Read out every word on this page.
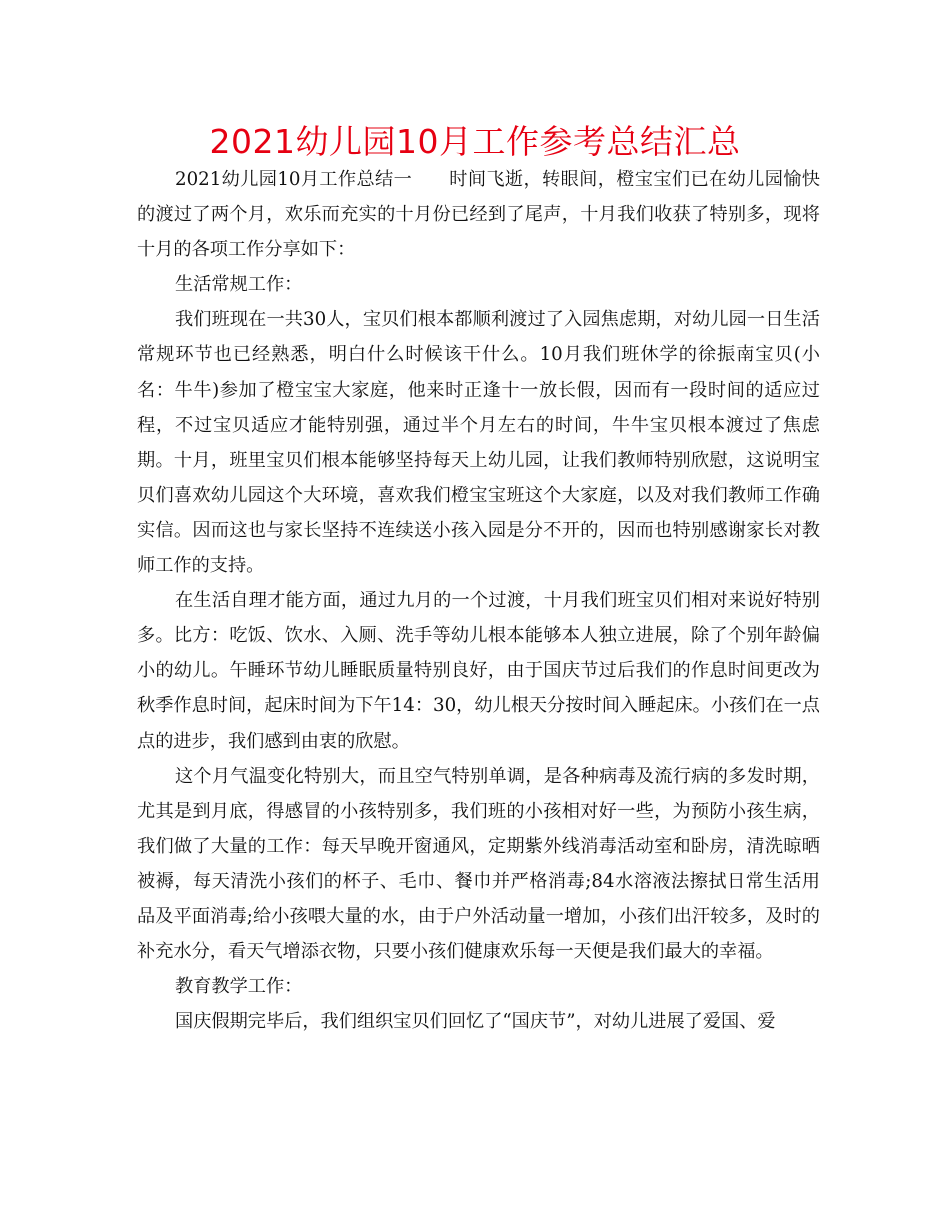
2021幼儿园10月工作参考总结汇总

2021幼儿园10月工作总结一　　时间飞逝，转眼间，橙宝宝们已在幼儿园愉快的渡过了两个月，欢乐而充实的十月份已经到了尾声，十月我们收获了特别多，现将十月的各项工作分享如下：

生活常规工作：

我们班现在一共30人，宝贝们根本都顺利渡过了入园焦虑期，对幼儿园一日生活常规环节也已经熟悉，明白什么时候该干什么。10月我们班休学的徐振南宝贝(小名：牛牛)参加了橙宝宝大家庭，他来时正逢十一放长假，因而有一段时间的适应过程，不过宝贝适应才能特别强，通过半个月左右的时间，牛牛宝贝根本渡过了焦虑期。十月，班里宝贝们根本能够坚持每天上幼儿园，让我们教师特别欣慰，这说明宝贝们喜欢幼儿园这个大环境，喜欢我们橙宝宝班这个大家庭，以及对我们教师工作确实信。因而这也与家长坚持不连续送小孩入园是分不开的，因而也特别感谢家长对教师工作的支持。

在生活自理才能方面，通过九月的一个过渡，十月我们班宝贝们相对来说好特别多。比方：吃饭、饮水、入厕、洗手等幼儿根本能够本人独立进展，除了个别年龄偏小的幼儿。午睡环节幼儿睡眠质量特别良好，由于国庆节过后我们的作息时间更改为秋季作息时间，起床时间为下午14：30，幼儿根天分按时间入睡起床。小孩们在一点点的进步，我们感到由衷的欣慰。

这个月气温变化特别大，而且空气特别单调，是各种病毒及流行病的多发时期，尤其是到月底，得感冒的小孩特别多，我们班的小孩相对好一些，为预防小孩生病，我们做了大量的工作：每天早晚开窗通风，定期紫外线消毒活动室和卧房，清洗晾晒被褥，每天清洗小孩们的杯子、毛巾、餐巾并严格消毒;84水溶液法擦拭日常生活用品及平面消毒;给小孩喂大量的水，由于户外活动量一增加，小孩们出汗较多，及时的补充水分，看天气增添衣物，只要小孩们健康欢乐每一天便是我们最大的幸福。

教育教学工作：

国庆假期完毕后，我们组织宝贝们回忆了“国庆节”，对幼儿进展了爱国、爱
